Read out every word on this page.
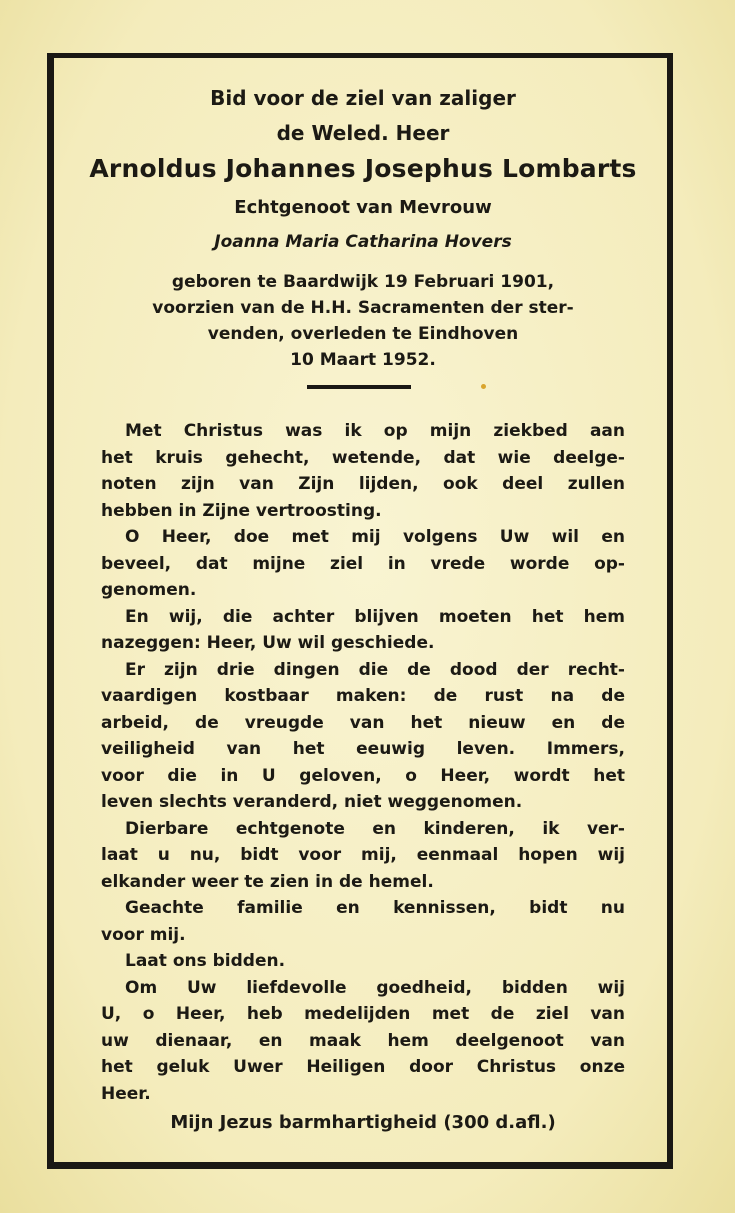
Bid voor de ziel van zaliger
de Weled. Heer
Arnoldus Johannes Josephus Lombarts
Echtgenoot van Mevrouw
Joanna Maria Catharina Hovers
geboren te Baardwijk 19 Februari 1901,
voorzien van de H.H. Sacramenten der ster-
venden, overleden te Eindhoven
10 Maart 1952.
Met Christus was ik op mijn ziekbed aan
het kruis gehecht, wetende, dat wie deelge-
noten zijn van Zijn lijden, ook deel zullen
hebben in Zijne vertroosting.
O Heer, doe met mij volgens Uw wil en
beveel, dat mijne ziel in vrede worde op-
genomen.
En wij, die achter blijven moeten het hem
nazeggen: Heer, Uw wil geschiede.
Er zijn drie dingen die de dood der recht-
vaardigen kostbaar maken: de rust na de
arbeid, de vreugde van het nieuw en de
veiligheid van het eeuwig leven. Immers,
voor die in U geloven, o Heer, wordt het
leven slechts veranderd, niet weggenomen.
Dierbare echtgenote en kinderen, ik ver-
laat u nu, bidt voor mij, eenmaal hopen wij
elkander weer te zien in de hemel.
Geachte familie en kennissen, bidt nu
voor mij.
Laat ons bidden.
Om Uw liefdevolle goedheid, bidden wij
U, o Heer, heb medelijden met de ziel van
uw dienaar, en maak hem deelgenoot van
het geluk Uwer Heiligen door Christus onze
Heer.
Mijn Jezus barmhartigheid (300 d.afl.)
